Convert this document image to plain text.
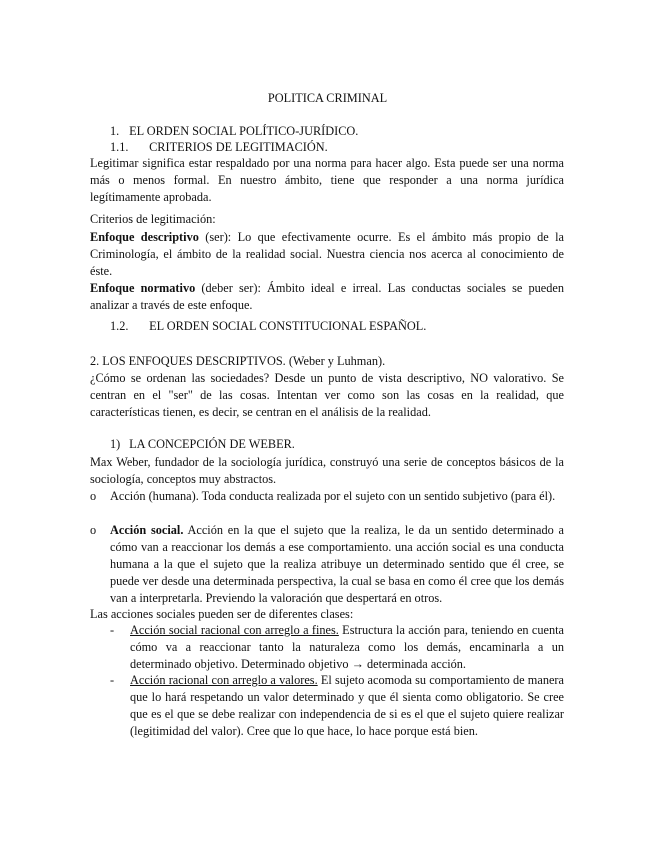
POLITICA CRIMINAL
1. EL ORDEN SOCIAL POLÍTICO-JURÍDICO.
1.1. CRITERIOS DE LEGITIMACIÓN.
Legitimar significa estar respaldado por una norma para hacer algo. Esta puede ser una norma más o menos formal. En nuestro ámbito, tiene que responder a una norma jurídica legítimamente aprobada.
Criterios de legitimación:
Enfoque descriptivo (ser): Lo que efectivamente ocurre. Es el ámbito más propio de la Criminología, el ámbito de la realidad social. Nuestra ciencia nos acerca al conocimiento de éste.
Enfoque normativo (deber ser): Ámbito ideal e irreal. Las conductas sociales se pueden analizar a través de este enfoque.
1.2. EL ORDEN SOCIAL CONSTITUCIONAL ESPAÑOL.
2. LOS ENFOQUES DESCRIPTIVOS. (Weber y Luhman).
¿Cómo se ordenan las sociedades? Desde un punto de vista descriptivo, NO valorativo. Se centran en el "ser" de las cosas. Intentan ver como son las cosas en la realidad, que características tienen, es decir, se centran en el análisis de la realidad.
1) LA CONCEPCIÓN DE WEBER.
Max Weber, fundador de la sociología jurídica, construyó una serie de conceptos básicos de la sociología, conceptos muy abstractos.
o Acción (humana). Toda conducta realizada por el sujeto con un sentido subjetivo (para él).
o Acción social. Acción en la que el sujeto que la realiza, le da un sentido determinado a cómo van a reaccionar los demás a ese comportamiento. una acción social es una conducta humana a la que el sujeto que la realiza atribuye un determinado sentido que él cree, se puede ver desde una determinada perspectiva, la cual se basa en como él cree que los demás van a interpretarla. Previendo la valoración que despertará en otros.
Las acciones sociales pueden ser de diferentes clases:
- Acción social racional con arreglo a fines. Estructura la acción para, teniendo en cuenta cómo va a reaccionar tanto la naturaleza como los demás, encaminarla a un determinado objetivo. Determinado objetivo → determinada acción.
- Acción racional con arreglo a valores. El sujeto acomoda su comportamiento de manera que lo hará respetando un valor determinado y que él sienta como obligatorio. Se cree que es el que se debe realizar con independencia de si es el que el sujeto quiere realizar (legitimidad del valor). Cree que lo que hace, lo hace porque está bien.
